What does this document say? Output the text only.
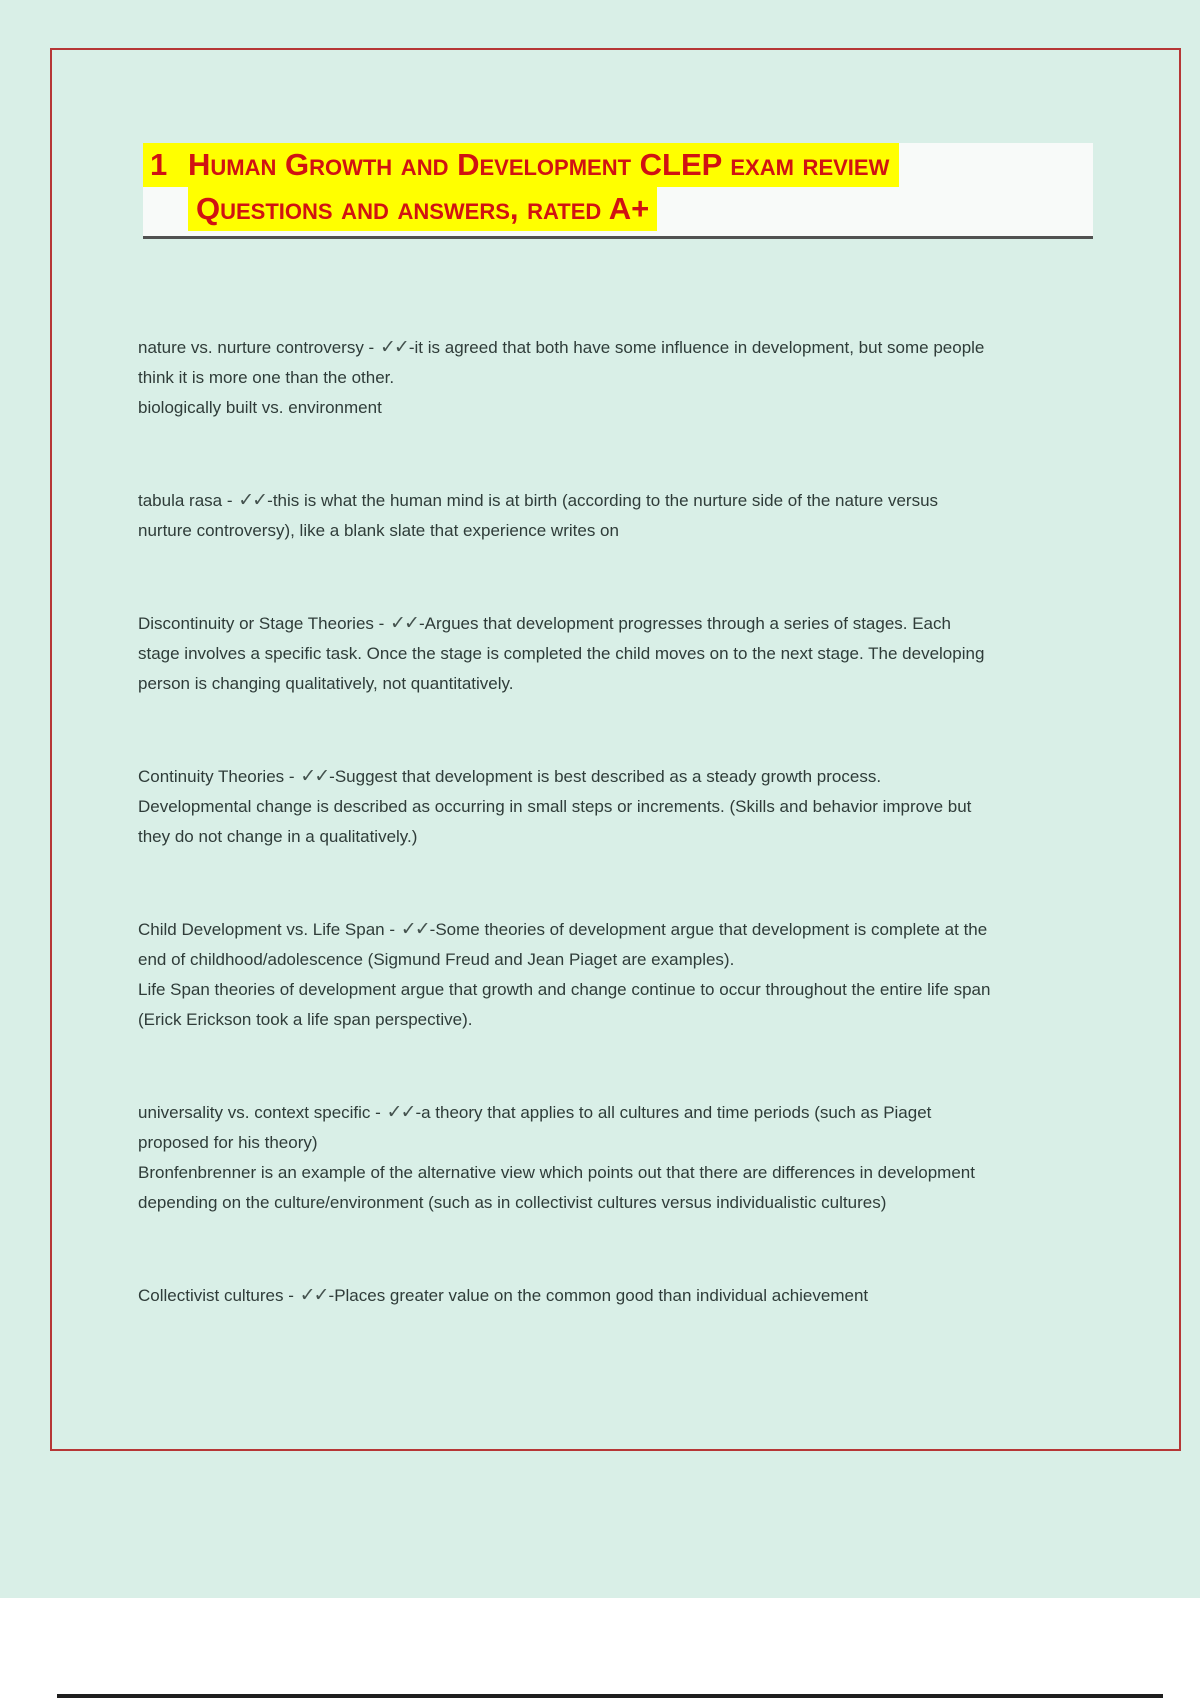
1 Human Growth and Development CLEP exam review
Questions and answers, rated A+

nature vs. nurture controversy - ✓✓-it is agreed that both have some influence in development, but some people think it is more one than the other.

biologically built vs. environment

tabula rasa - ✓✓-this is what the human mind is at birth (according to the nurture side of the nature versus nurture controversy), like a blank slate that experience writes on

Discontinuity or Stage Theories - ✓✓-Argues that development progresses through a series of stages. Each stage involves a specific task. Once the stage is completed the child moves on to the next stage. The developing person is changing qualitatively, not quantitatively.

Continuity Theories - ✓✓-Suggest that development is best described as a steady growth process. Developmental change is described as occurring in small steps or increments. (Skills and behavior improve but they do not change in a qualitatively.)

Child Development vs. Life Span - ✓✓-Some theories of development argue that development is complete at the end of childhood/adolescence (Sigmund Freud and Jean Piaget are examples).

Life Span theories of development argue that growth and change continue to occur throughout the entire life span (Erick Erickson took a life span perspective).

universality vs. context specific - ✓✓-a theory that applies to all cultures and time periods (such as Piaget proposed for his theory)

Bronfenbrenner is an example of the alternative view which points out that there are differences in development depending on the culture/environment (such as in collectivist cultures versus individualistic cultures)

Collectivist cultures - ✓✓-Places greater value on the common good than individual achievement
